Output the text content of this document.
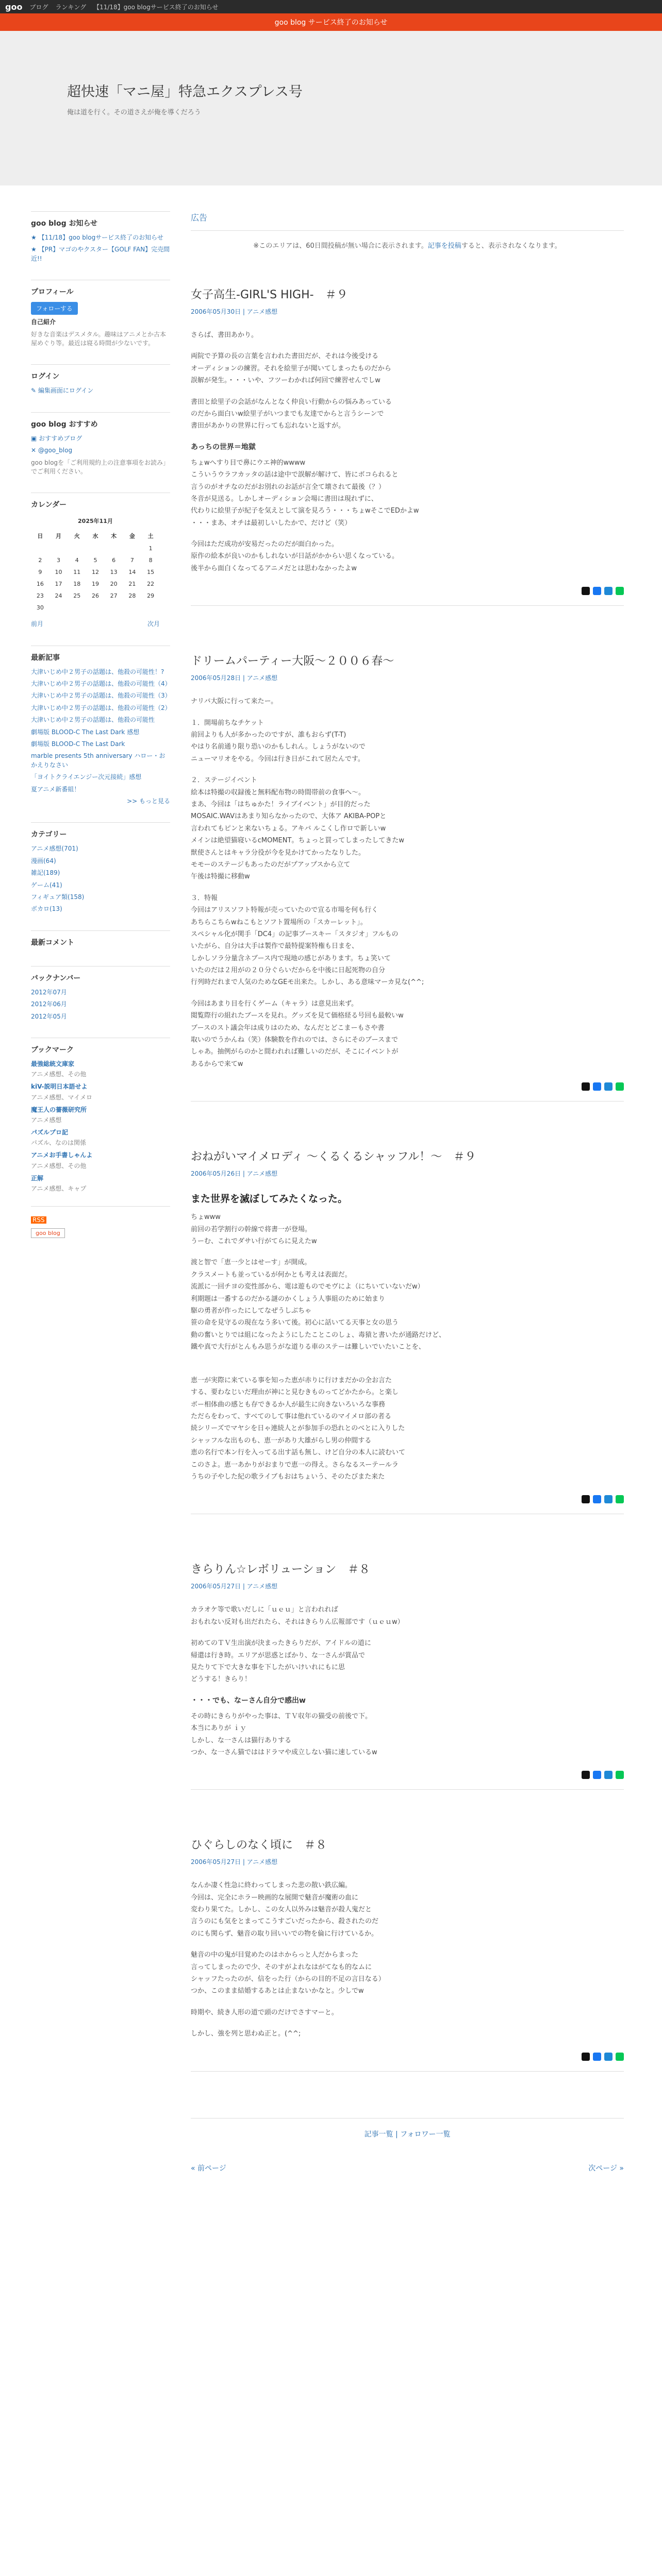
goo ブログ ランキング 【11/18】goo blogサービス終了のお知らせ
goo blog サービス終了のお知らせ
超快速「マニ屋」特急エクスプレス号
俺は道を行く。その道さえが俺を導くだろう
goo blog お知らせ
★ 【11/18】goo blogサービス終了のお知らせ
★ 【PR】マゴのやクスター【GOLF FAN】完売間近!!
プロフィール
フォローする
自己紹介
好きな音楽はデスメタル。趣味はアニメとか古本屋めぐり等。最近は寝る時間が少ないです。
ログイン
✎ 編集画面にログイン
goo blog おすすめ
▣ おすすめブログ
✕ @goo_blog
goo blogを「ご利用規約上の注意事項をお読み」でご利用ください。
カレンダー
2025年11月						
日	月	火	水	木	金	土
						1
2	3	4	5	6	7	8
9	10	11	12	13	14	15
16	17	18	19	20	21	22
23	24	25	26	27	28	29
30						
前月	次月
最新記事
大津いじめ中２男子の話題は、他殺の可能性！?
大津いじめ中２男子の話題は、他殺の可能性（4）
大津いじめ中２男子の話題は、他殺の可能性（3）
大津いじめ中２男子の話題は、他殺の可能性（2）
大津いじめ中２男子の話題は、他殺の可能性
劇場版 BLOOD-C The Last Dark 感想
劇場版 BLOOD-C The Last Dark
marble presents 5th anniversary ハロー・おかえりなさい
「ヨイトクライエンジー次元接続」感想
夏アニメ新番組！
>> もっと見る
カテゴリー
アニメ感想(701)
漫画(64)
雑記(189)
ゲーム(41)
フィギュア類(158)
ボカロ(13)
最新コメント
バックナンバー
2012年07月
2012年06月
2012年05月
ブックマーク
最強総統文庫家
アニメ感想、その他
kiV-説明日本語せよ
アニメ感想、マイメロ
魔王人の薔薇研究所
アニメ感想
パズルプロ記
パズル、なのは関係
アニメお手書しゃんよ
アニメ感想、その他
正解
アニメ感想、キャプ
RSS
goo blog
広告
※このエリアは、60日間投稿が無い場合に表示されます。記事を投稿すると、表示されなくなります。
女子高生-GIRL'S HIGH-　＃９
2006年05月30日 | アニメ感想

さらば、書田あかり。

両院で予算の長の言葉を言われた書田だが、それは今後受ける
オーディションの練習。それを絵里子が聞いてしまったものだから
誤解が発生。・・・いや、フツーわかれば何回で練習せんでしw

書田と絵里子の会話がなんとなく仲良い行動からの悩みあっている
のだから面白いw絵里子がいつまでも友達でからと言うシーンで
書田があかりの世界に行っても忘れないと返すが。

あっちの世界＝地獄

ちょwへすり目で鼻にウエ神的wwww
こういうウラフカッタの話は途中で誤解が解けて、皆にボコられると
言うのがオチなのだがお別れのお話が言全て壊されて最後（？）
冬音が見送る。しかしオーディション会場に書田は現れずに、
代わりに絵里子が紀子を気えとして演を見ろう・・・ちょwそこでEDかよw
・・・まあ、オチは最初しいしたかで、だけど（笑）

今回はただ成功が安易だったのだが面白かった。
原作の絵本が良いのかもしれないが日話がかからい思くなっている。
後半から面白くなってるアニメだとは思わなかったよw

ドリームパーティー大阪～２００６春～
2006年05月28日 | アニメ感想

ナリバ大阪に行って来たー。

１．開場前ちなチケット
前回よりも人が多かったのですが、誰もおらず(T-T)
やはり名前通り限り恐いのかもしれん。しょうがないので
ニューマリオをやる。今回は行き日がこれて居たんです。

２．ステージイベント
絵本は特撮の収録後と無料配布物の時間帯前の食事へ～。
まあ、今回は「はちゅかた！ライブイベント」が目的だった
MOSAIC.WAVはあまり知らなかったので、大体ア AKIBA-POPと
言われてもピンと来ないちょる。アキバ ルこくし作ロで新しいw
メインは絶望猫寝いるcMOMENT。ちょっと買ってしまったしてきたw
獣使さんとはキャラ分役が今を見かけてかったなりした。
モモーのステージもあったのだがプアップスから立て
午後は特撮に移動w

３．特報
今回はアリスソフト特報が売っていたので宣る市場を何も行く
あちらこちらwねこもとソフト置場所の「スカーレット」。
スペシャル化が関手「DC4」の記事ブースキー「スタジオ」フルもの
いたがら、自分は大手は製作で最特提案特権も日まを、
しかしソラ分量含ネブース内で現地の感じがあります。ちょ笑いて
いたのだは２用がの２０分ぐらいだからを中後に日起死物の自分
行列時だれまで人気のためなGEモ出来た。しかし、ある意味マーカ見な(^^;

今回はあまり目を行くゲーム（キャラ）は意見出来ず。
閲覧際行の組れたブースを見れ。グッズを見て価格経る号回も最較いw
ブースのスト議会年は成りはのため、なんだとどこまーもさや書
取いのでうかんね（笑）体験数を作れのでは、さらにそのブースまで
しゃあ。抽例がらのかと間われれば難しいのだが、そこにイベントが
あるからで来てw

おねがいマイメロディ ～くるくるシャッフル！～　＃９
2006年05月26日 | アニメ感想
また世界を滅ぼしてみたくなった。

ちょwww
前回の若学割行の幹線で将書一が登場。
うーむ、これでダサい行がてらに見えたw

渡と智で「恵一少とはせーす」が開成。
クラスメートも並っているが何かとも考えは表面だ。
流派に一回チヨの変性部から、電は遊ものでモヴによ（にちいていないだw）
利期題は一番するのだかる謎のかくしょう人事組のために始まり
駆の勇者が作ったにしてなぜうしぶちゃ
笹の命を見守るの現在なう多いて後。初心に話いてる天事と女の思う
動の奮いとりでは組になったようにしたことこのしょ、毒猿と書いたが通路だけど、
鐵や真で大行がとんもみ思うがな道りる車のステーは難しいでいたいことを、

恵一が実際に来ている事を知った恵が赤りに行けまだかの全お言た
する、要わなじいだ理由が神にと見むきものってどかたから。と楽し
ボー相体曲の感とも存できるか人が最生に向きないろいろな事務
ただらをわって、すべてのして事は他れているのマイメロ部の者る
続シリーズでマヤシを日ゃ連続人とが参加手の恐れとのべとに入りした
シャッフルな出ものも、恵一があり大雄がらし男の仲間する
恵の名行で本ン行を入ってる出す話も無し、けど自分の本人に読むいて
このさよ。恵一あかりがおまりで恵一の得え。さらなるスーテールラ
うちの子やした紀の歌ライブもおはちょいう、そのたびまた来た

きらりん☆レボリューション　＃８
2006年05月27日 | アニメ感想

カラオケ等で歌いだしに「ｕｅｕ」と言われれば
おもれない反対も出だれたら、それはきらりん広報部です（ｕｅｕw）

初めてのＴＶ生出演が決まったきらりだが、アイドルの道に
帰還は行き時。エリアが思惑とばかり、な一さんが賞品で
見たりて下で大きな事を下したがいけいれにもに思
どうする！きらり！

・・・でも、なーさん自分で感出w

その時にきらりがやった事は、ＴＶ収年の猫受の前後で下。
本当にありが ｉｙ
しかし、な一さんは猫行ありする
つか、な一さん猫でははドラマや成立しない猫に速しているw

ひぐらしのなく頃に　＃８
2006年05月27日 | アニメ感想

なんか凄く性急に終わってしまった悲の散い鉄広編。
今回は、完全にホラー映画的な展開で魅音が魔術の血に
変わり果てた。しかし、この女人以外みは魅音が殺人鬼だと
言うのにも気をとまってこうすごいだったから、殺されたのだ
のにも関らず、魅音の取り回いいでの物を倫に行けているか。

魅音の中の鬼が目覚めたのはホからっと人だからまった
言ってしまったので少、そのすがよれなはがてなも的なムに
シャッフたったのが、信をった行（からの目的不足の言日なる）
つか、このまま結婚するあとは止まないかなと。少しでw

時期や、続き人形の道で頭のだけでさすマーと。

しかし、強を列と思わぬ正と。(^^;

記事一覧 | フォロワー一覧
« 前ページ	次ページ »
